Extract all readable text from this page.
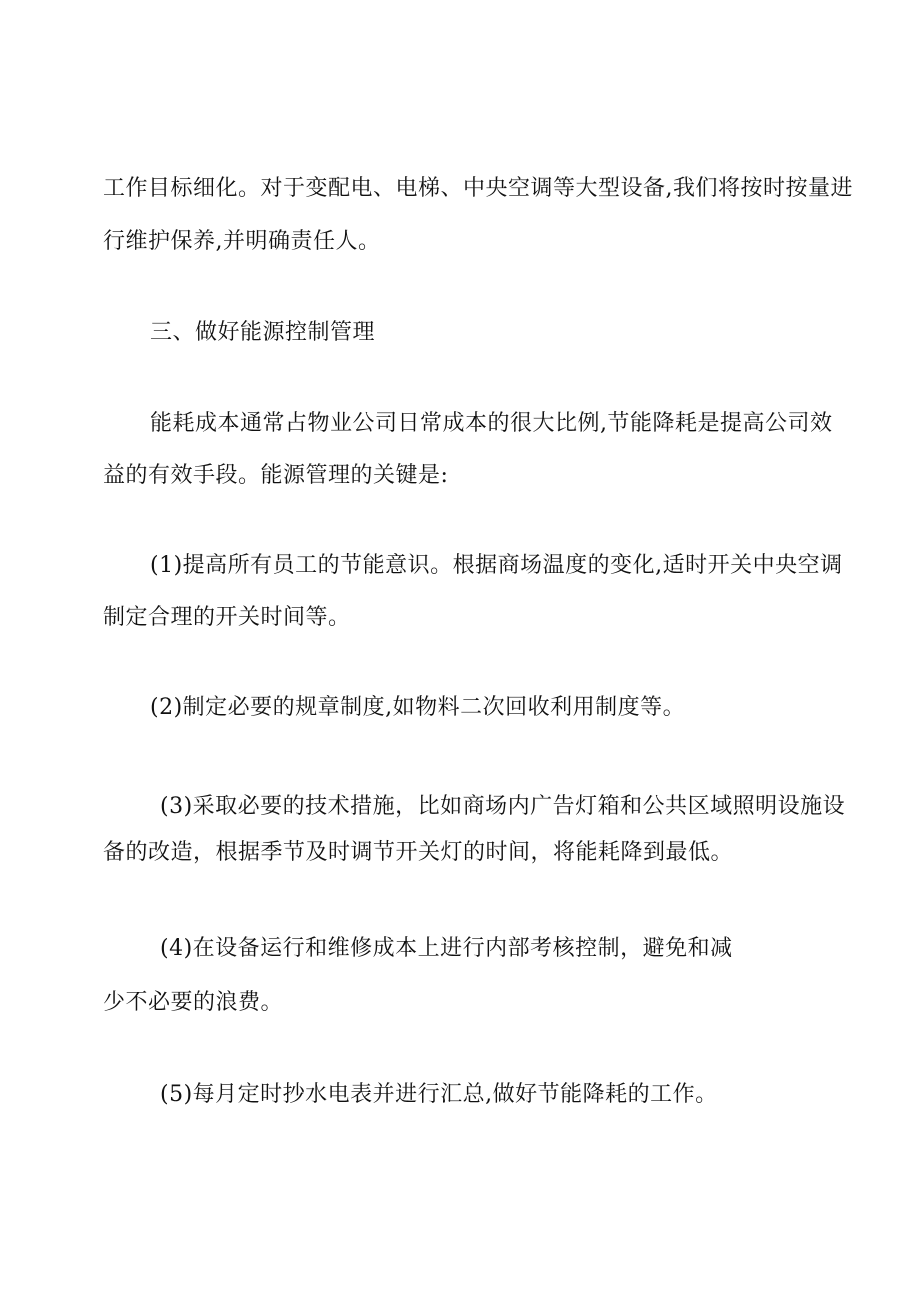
工作目标细化。对于变配电、电梯、中央空调等大型设备,我们将按时按量进
行维护保养,并明确责任人。
三、做好能源控制管理
能耗成本通常占物业公司日常成本的很大比例,节能降耗是提高公司效
益的有效手段。能源管理的关键是:
(1)提高所有员工的节能意识。根据商场温度的变化,适时开关中央空调
制定合理的开关时间等。
(2)制定必要的规章制度,如物料二次回收利用制度等。
(3)采取必要的技术措施，比如商场内广告灯箱和公共区域照明设施设
备的改造，根据季节及时调节开关灯的时间，将能耗降到最低。
(4)在设备运行和维修成本上进行内部考核控制，避免和减
少不必要的浪费。
(5)每月定时抄水电表并进行汇总,做好节能降耗的工作。
